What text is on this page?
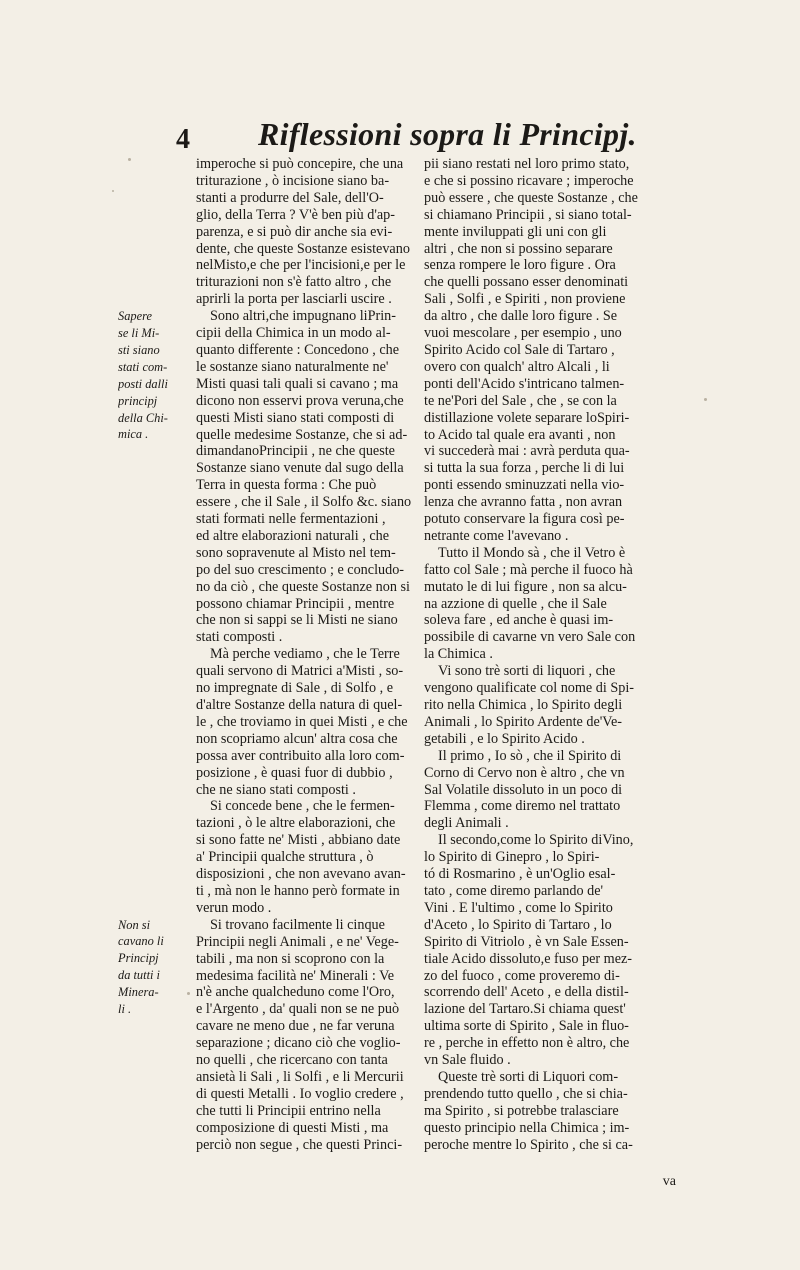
4 Riflessioni sopra li Principj.

imperoche si può concepire, che una
triturazione , ò incisione siano ba-
stanti a produrre del Sale, dell'O-
glio, della Terra ? V'è ben più d'ap-
parenza, e si può dir anche sia evi-
dente, che queste Sostanze esistevano
nelMisto,e che per l'incisioni,e per le
triturazioni non s'è fatto altro , che
aprirli la porta per lasciarli uscire .
Sono altri,che impugnano liPrin-
cipii della Chimica in un modo al-
quanto differente : Concedono , che
le sostanze siano naturalmente ne'
Misti quasi tali quali si cavano ; ma
dicono non esservi prova veruna,che
questi Misti siano stati composti di
quelle medesime Sostanze, che si ad-
dimandanoPrincipii , ne che queste
Sostanze siano venute dal sugo della
Terra in questa forma : Che può
essere , che il Sale , il Solfo &c. siano
stati formati nelle fermentazioni ,
ed altre elaborazioni naturali , che
sono sopravenute al Misto nel tem-
po del suo crescimento ; e concludo-
no da ciò , che queste Sostanze non si
possono chiamar Principii , mentre
che non si sappi se li Misti ne siano
stati composti .
Mà perche vediamo , che le Terre
quali servono di Matrici a'Misti , so-
no impregnate di Sale , di Solfo , e
d'altre Sostanze della natura di quel-
le , che troviamo in quei Misti , e che
non scopriamo alcun' altra cosa che
possa aver contribuito alla loro com-
posizione , è quasi fuor di dubbio ,
che ne siano stati composti .
Si concede bene , che le fermen-
tazioni , ò le altre elaborazioni, che
si sono fatte ne' Misti , abbiano date
a' Principii qualche struttura , ò
disposizioni , che non avevano avan-
ti , mà non le hanno però formate in
verun modo .
Si trovano facilmente li cinque
Principii negli Animali , e ne' Vege-
tabili , ma non si scoprono con la
medesima facilità ne' Minerali : Ve
n'è anche qualcheduno come l'Oro,
e l'Argento , da' quali non se ne può
cavare ne meno due , ne far veruna
separazione ; dicano ciò che voglio-
no quelli , che ricercano con tanta
ansietà li Sali , li Solfi , e li Mercurii
di questi Metalli . Io voglio credere ,
che tutti li Principii entrino nella
composizione di questi Misti , ma
perciò non segue , che questi Princi-

pii siano restati nel loro primo stato,
e che si possino ricavare ; imperoche
può essere , che queste Sostanze , che
si chiamano Principii , si siano total-
mente inviluppati gli uni con gli
altri , che non si possino separare
senza rompere le loro figure . Ora
che quelli possano esser denominati
Sali , Solfi , e Spiriti , non proviene
da altro , che dalle loro figure . Se
vuoi mescolare , per esempio , uno
Spirito Acido col Sale di Tartaro ,
overo con qualch' altro Alcali , li
ponti dell'Acido s'intricano talmen-
te ne'Pori del Sale , che , se con la
distillazione volete separare loSpiri-
to Acido tal quale era avanti , non
vi succederà mai : avrà perduta qua-
si tutta la sua forza , perche li di lui
ponti essendo sminuzzati nella vio-
lenza che avranno fatta , non avran
potuto conservare la figura così pe-
netrante come l'avevano .
Tutto il Mondo sà , che il Vetro è
fatto col Sale ; mà perche il fuoco hà
mutato le di lui figure , non sa alcu-
na azzione di quelle , che il Sale
soleva fare , ed anche è quasi im-
possibile di cavarne vn vero Sale con
la Chimica .
Vi sono trè sorti di liquori , che
vengono qualificate col nome di Spi-
rito nella Chimica , lo Spirito degli
Animali , lo Spirito Ardente de'Ve-
getabili , e lo Spirito Acido .
Il primo , Io sò , che il Spirito di
Corno di Cervo non è altro , che vn
Sal Volatile dissoluto in un poco di
Flemma , come diremo nel trattato
degli Animali .
Il secondo,come lo Spirito diVino,
lo Spirito di Ginepro , lo Spiri-
tó di Rosmarino , è un'Oglio esal-
tato , come diremo parlando de'
Vini . E l'ultimo , come lo Spirito
d'Aceto , lo Spirito di Tartaro , lo
Spirito di Vitriolo , è vn Sale Essen-
tiale Acido dissoluto,e fuso per mez-
zo del fuoco , come proveremo di-
scorrendo dell' Aceto , e della distil-
lazione del Tartaro.Si chiama quest'
ultima sorte di Spirito , Sale in fluo-
re , perche in effetto non è altro, che
vn Sale fluido .
Queste trè sorti di Liquori com-
prendendo tutto quello , che si chia-
ma Spirito , si potrebbe tralasciare
questo principio nella Chimica ; im-
peroche mentre lo Spirito , che si ca-

Sapere
se li Mi-
sti siano
stati com-
posti dalli
principj
della Chi-
mica .
Non si
cavano li
Principj
da tutti i
Minera-
li .
va
